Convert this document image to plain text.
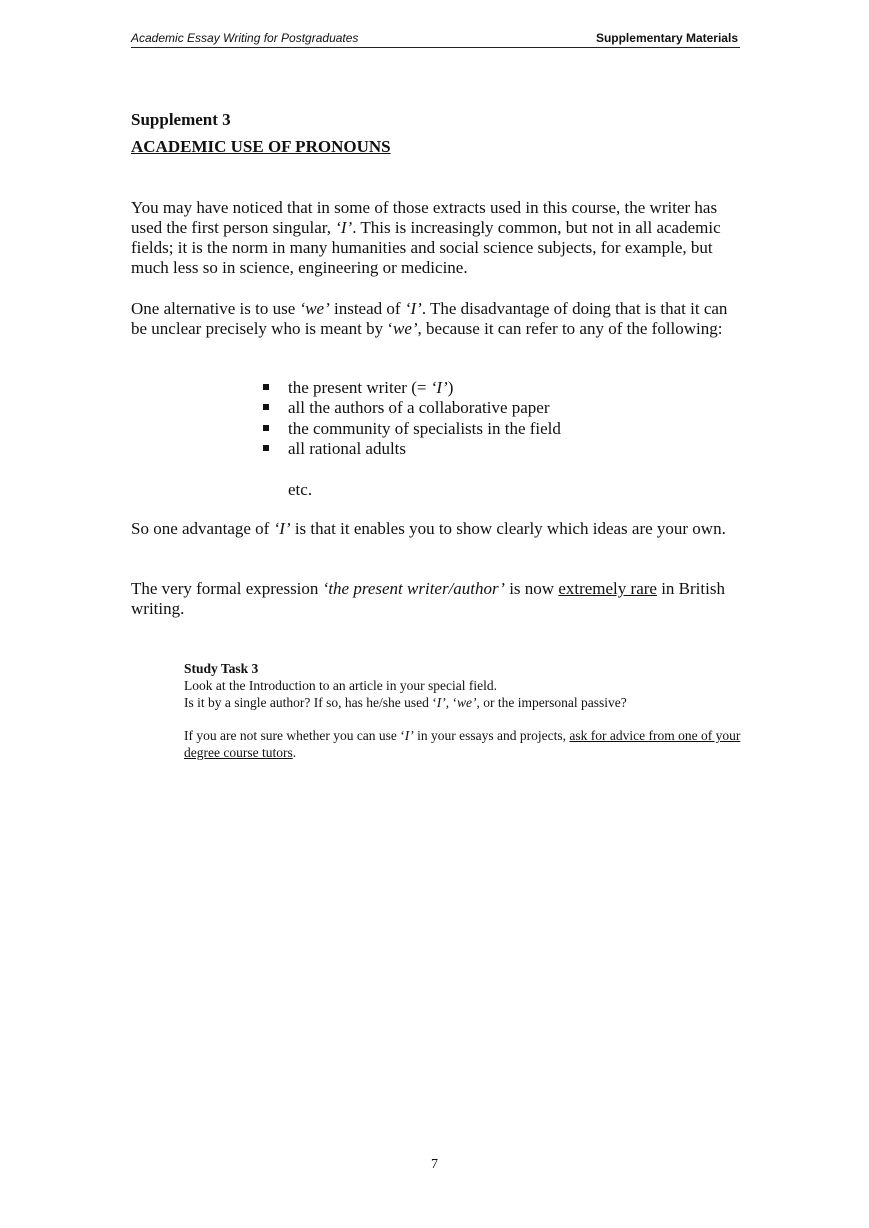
Academic Essay Writing for Postgraduates	Supplementary Materials
Supplement 3
ACADEMIC USE OF PRONOUNS

You may have noticed that in some of those extracts used in this course, the writer has used the first person singular, ‘I’. This is increasingly common, but not in all academic fields; it is the norm in many humanities and social science subjects, for example, but much less so in science, engineering or medicine.

One alternative is to use ‘we’ instead of ‘I’. The disadvantage of doing that is that it can be unclear precisely who is meant by ‘we’, because it can refer to any of the following:

the present writer (= ‘I’)
all the authors of a collaborative paper
the community of specialists in the field
all rational adults
etc.

So one advantage of ‘I’ is that it enables you to show clearly which ideas are your own.

The very formal expression ‘the present writer/author’ is now extremely rare in British writing.

Study Task 3
Look at the Introduction to an article in your special field.
Is it by a single author? If so, has he/she used ‘I’, ‘we’, or the impersonal passive?
If you are not sure whether you can use ‘I’ in your essays and projects, ask for advice from one of your degree course tutors.
7
